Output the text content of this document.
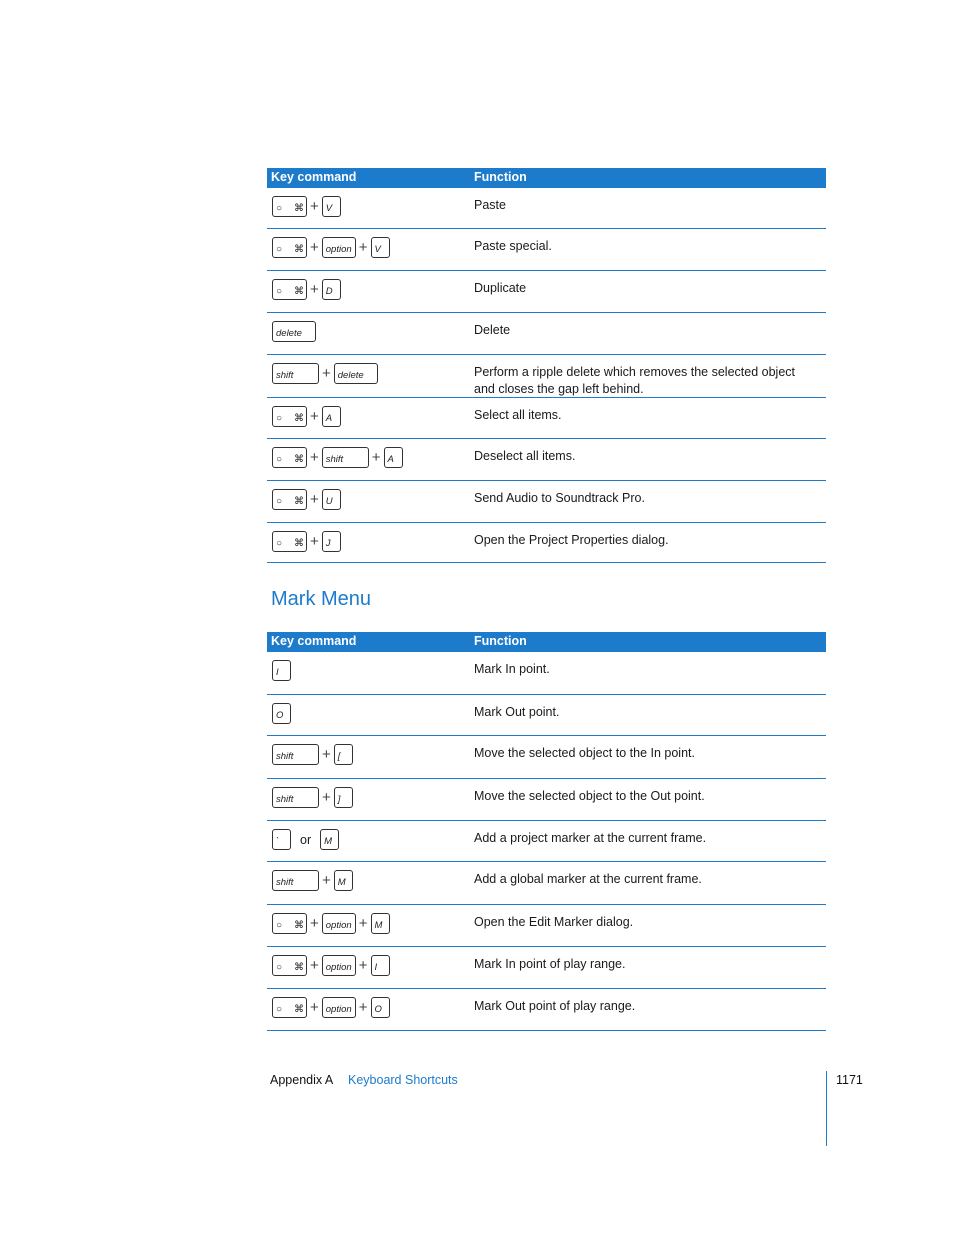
Key command	Function
○ ⌘ + V	Paste
○ ⌘ + option + V	Paste special.
○ ⌘ + D	Duplicate
delete	Delete
shift + delete	Perform a ripple delete which removes the selected object and closes the gap left behind.
○ ⌘ + A	Select all items.
○ ⌘ + shift + A	Deselect all items.
○ ⌘ + U	Send Audio to Soundtrack Pro.
○ ⌘ + J	Open the Project Properties dialog.
Mark Menu
Key command	Function
I	Mark In point.
O	Mark Out point.
shift + [	Move the selected object to the In point.
shift + ]	Move the selected object to the Out point.
` or M	Add a project marker at the current frame.
shift + M	Add a global marker at the current frame.
○ ⌘ + option + M	Open the Edit Marker dialog.
○ ⌘ + option + I	Mark In point of play range.
○ ⌘ + option + O	Mark Out point of play range.
Appendix A Keyboard Shortcuts	1171
